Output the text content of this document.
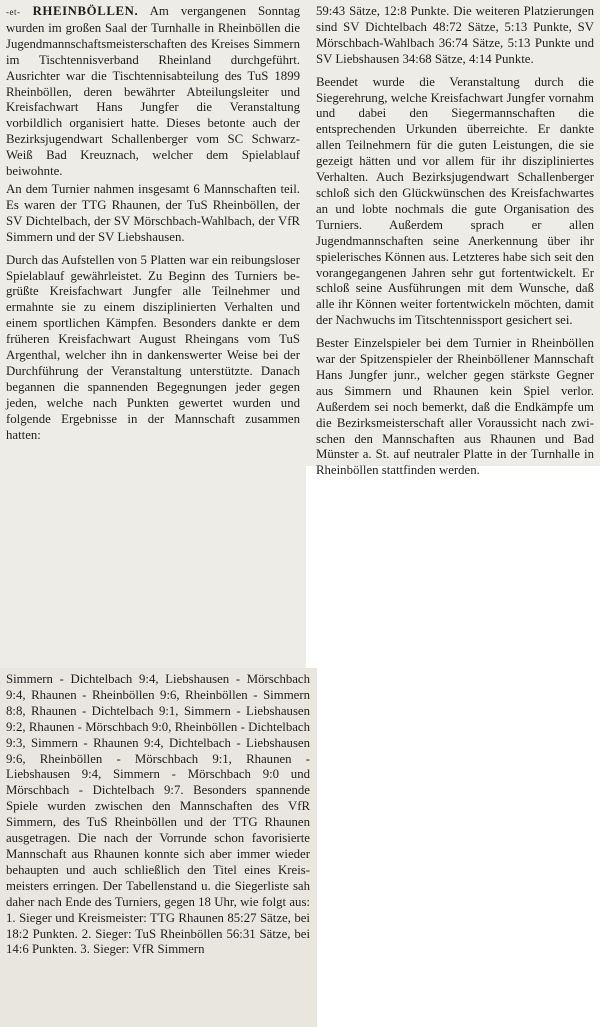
-et- RHEINBÖLLEN. Am vergangenen Sonntag wurden im großen Saal der Turnhalle in Rheinböllen die Jugendmannschaftsmeisterschaften des Kreises Simmern im Tischtennisverband Rheinland durchgeführt. Ausrichter war die Tischtennisabteilung des TuS 1899 Rheinböllen, deren bewährter Abteilungsleiter und Kreisfachwart Hans Jungfer die Veranstaltung vorbildlich organisiert hatte. Dieses betonte auch der Bezirksjugendwart Schallenberger vom SC Schwarz-Weiß Bad Kreuznach, welcher dem Spielablauf beiwohnte.

An dem Turnier nahmen insgesamt 6 Mannschaften teil. Es waren der TTG Rhaunen, der TuS Rheinböllen, der SV Dichtelbach, der SV Mörschbach-Wahlbach, der VfR Simmern und der SV Liebshausen.

Durch das Aufstellen von 5 Platten war ein reibungsloser Spielablauf gewährleistet. Zu Beginn des Turniers begrüßte Kreisfachwart Jungfer alle Teilnehmer und ermahnte sie zu einem disziplinierten Verhalten und einem sportlichen Kämpfen. Besonders dankte er dem früheren Kreisfachwart August Rheingans vom TuS Argenthal, welcher ihn in dankenswerter Weise bei der Durchführung der Veranstaltung unterstützte. Danach begannen die spannenden Begegnungen jeder gegen jeden, welche nach Punkten gewertet wurden und folgende Ergebnisse in der Mannschaft zusammen hatten:

Simmern - Dichtelbach 9:4, Liebshausen - Mörschbach 9:4, Rhaunen - Rheinböllen 9:6, Rheinböllen - Simmern 8:8, Rhaunen - Dichtelbach 9:1, Simmern - Liebshausen 9:2, Rhaunen - Mörschbach 9:0, Rheinböllen - Dichtelbach 9:3, Simmern - Rhaunen 9:4, Dichtelbach - Liebshausen 9:6, Rheinböllen - Mörschbach 9:1, Rhaunen - Liebshausen 9:4, Simmern - Mörschbach 9:0 und Mörschbach - Dichtelbach 9:7. Besonders spannende Spiele wurden zwischen den Mannschaften des VfR Simmern, des TuS Rheinböllen und der TTG Rhaunen ausgetragen. Die nach der Vorrunde schon favorisierte Mannschaft aus Rhaunen konnte sich aber immer wieder behaupten und auch schließlich den Titel eines Kreismeisters erringen. Der Tabellenstand u. die Siegerliste sah daher nach Ende des Turniers, gegen 18 Uhr, wie folgt aus: 1. Sieger und Kreismeister: TTG Rhaunen 85:27 Sätze, bei 18:2 Punkten. 2. Sieger: TuS Rheinböllen 56:31 Sätze, bei 14:6 Punkten. 3. Sieger: VfR Simmern

59:43 Sätze, 12:8 Punkte. Die weiteren Platzierungen sind SV Dichtelbach 48:72 Sätze, 5:13 Punkte, SV Mörschbach-Wahlbach 36:74 Sätze, 5:13 Punkte und SV Liebshausen 34:68 Sätze, 4:14 Punkte.

Beendet wurde die Veranstaltung durch die Siegerehrung, welche Kreisfachwart Jungfer vornahm und dabei den Siegermannschaften die entsprechenden Urkunden überreichte. Er dankte allen Teilnehmern für die guten Leistungen, die sie gezeigt hätten und vor allem für ihr diszipliniertes Verhalten. Auch Bezirksjugendwart Schallenberger schloß sich den Glückwünschen des Kreisfachwartes an und lobte nochmals die gute Organisation des Turniers. Außerdem sprach er allen Jugendmannschaften seine Anerkennung über ihr spielerisches Können aus. Letzteres habe sich seit den vorangegangenen Jahren sehr gut fortentwickelt. Er schloß seine Ausführungen mit dem Wunsche, daß alle ihr Können weiter fortentwickeln möchten, damit der Nachwuchs im Titschtennissport gesichert sei.

Bester Einzelspieler bei dem Turnier in Rheinböllen war der Spitzenspieler der Rheinböllener Mannschaft Hans Jungfer junr., welcher gegen stärkste Gegner aus Simmern und Rhaunen kein Spiel verlor. Außerdem sei noch bemerkt, daß die Endkämpfe um die Bezirksmeisterschaft aller Voraussicht nach zwischen den Mannschaften aus Rhaunen und Bad Münster a. St. auf neutraler Platte in der Turnhalle in Rheinböllen stattfinden werden.
